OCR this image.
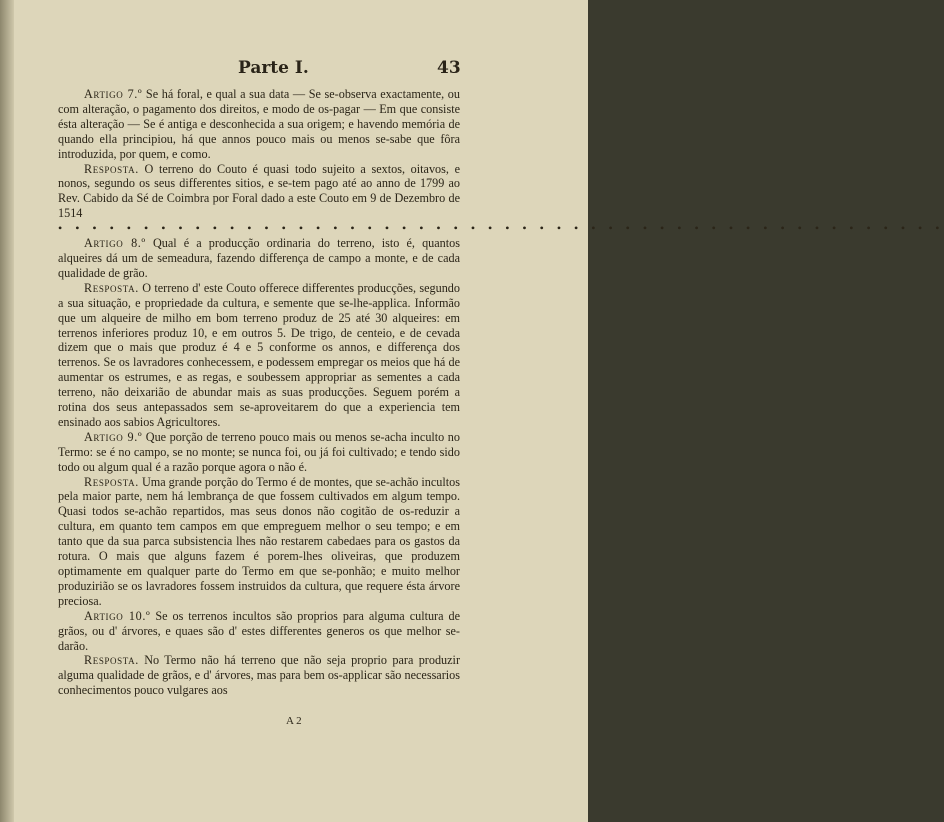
Parte I.	43

Artigo 7.º Se há foral, e qual a sua data — Se se-observa exactamente, ou com alteração, o pagamento dos direitos, e modo de os-pagar — Em que consiste ésta alteração — Se é antiga e desconhecida a sua origem; e havendo memória de quando ella principiou, há que annos pouco mais ou menos se-sabe que fôra introduzida, por quem, e como.

Resposta. O terreno do Couto é quasi todo sujeito a sextos, oitavos, e nonos, segundo os seus differentes sitios, e se-tem pago até ao anno de 1799 ao Rev. Cabido da Sé de Coimbra por Foral dado a este Couto em 9 de Dezembro de 1514

• • • • • • • • • • • • • • • • • • • • • • • • • • • • • • • • • • • • • • • • • • • • • • • • • • • •

Artigo 8.º Qual é a producção ordinaria do terreno, isto é, quantos alqueires dá um de semeadura, fazendo differença de campo a monte, e de cada qualidade de grão.

Resposta. O terreno d' este Couto offerece differentes producções, segundo a sua situação, e propriedade da cultura, e semente que se-lhe-applica. Informão que um alqueire de milho em bom terreno produz de 25 até 30 alqueires: em terrenos inferiores produz 10, e em outros 5. De trigo, de centeio, e de cevada dizem que o mais que produz é 4 e 5 conforme os annos, e differença dos terrenos. Se os lavradores conhecessem, e podessem empregar os meios que há de aumentar os estrumes, e as regas, e soubessem appropriar as sementes a cada terreno, não deixarião de abundar mais as suas producções. Seguem porém a rotina dos seus antepassados sem se-aproveitarem do que a experiencia tem ensinado aos sabios Agricultores.

Artigo 9.º Que porção de terreno pouco mais ou menos se-acha inculto no Termo: se é no campo, se no monte; se nunca foi, ou já foi cultivado; e tendo sido todo ou algum qual é a razão porque agora o não é.

Resposta. Uma grande porção do Termo é de montes, que se-achão incultos pela maior parte, nem há lembrança de que fossem cultivados em algum tempo. Quasi todos se-achão repartidos, mas seus donos não cogitão de os-reduzir a cultura, em quanto tem campos em que empreguem melhor o seu tempo; e em tanto que da sua parca subsistencia lhes não restarem cabedaes para os gastos da rotura. O mais que alguns fazem é porem-lhes oliveiras, que produzem optimamente em qualquer parte do Termo em que se-ponhão; e muito melhor produzirião se os lavradores fossem instruidos da cultura, que requere ésta árvore preciosa.

Artigo 10.º Se os terrenos incultos são proprios para alguma cultura de grãos, ou d' árvores, e quaes são d' estes differentes generos os que melhor se-darão.

Resposta. No Termo não há terreno que não seja proprio para produzir alguma qualidade de grãos, e d' árvores, mas para bem os-applicar são necessarios conhecimentos pouco vulgares aos

A 2
